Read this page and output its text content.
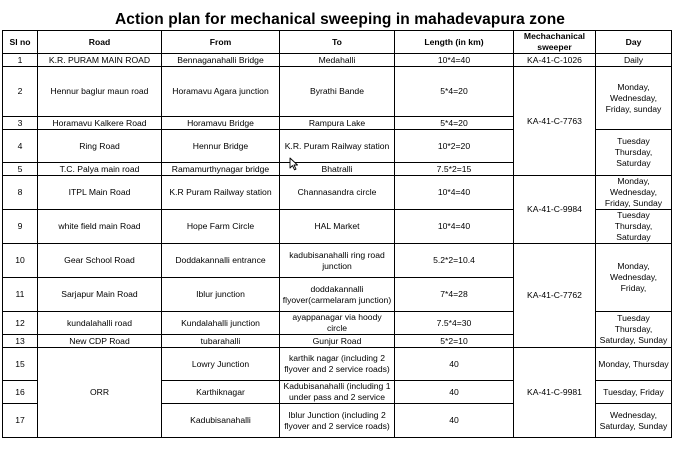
Action plan for mechanical sweeping in mahadevapura zone
Sl no	Road	From	To	Length (in km)	Mechachanical sweeper	Day
1	K.R. PURAM MAIN ROAD	Bennaganahalli Bridge	Medahalli	10*4=40	KA-41-C-1026	Daily
2	Hennur baglur maun road	Horamavu Agara junction	Byrathi Bande	5*4=20	KA-41-C-7763	Monday, Wednesday, Friday, sunday
3	Horamavu Kalkere Road	Horamavu Bridge	Rampura Lake	5*4=20		
4	Ring Road	Hennur Bridge	K.R. Puram Railway station	10*2=20		Tuesday Thursday, Saturday
5	T.C. Palya main road	Ramamurthynagar bridge	Bhatralli	7.5*2=15		
8	ITPL Main Road	K.R Puram Railway station	Channasandra circle	10*4=40	KA-41-C-9984	Monday, Wednesday, Friday, Sunday
9	white field main Road	Hope Farm Circle	HAL Market	10*4=40		Tuesday Thursday, Saturday
10	Gear School Road	Doddakannalli entrance	kadubisanahalli ring road junction	5.2*2=10.4	KA-41-C-7762	Monday, Wednesday, Friday,
11	Sarjapur Main Road	Iblur junction	doddakannalli flyover(carmelaram junction)	7*4=28		
12	kundalahalli road	Kundalahalli junction	ayappanagar via hoody circle	7.5*4=30		Tuesday Thursday, Saturday, Sunday
13	New CDP Road	tubarahalli	Gunjur Road	5*2=10		
15	ORR	Lowry Junction	karthik nagar (including 2 flyover and 2 service roads)	40	KA-41-C-9981	Monday, Thursday
16		Karthiknagar	Kadubisanahalli (including 1 under pass and 2 service	40		Tuesday, Friday
17		Kadubisanahalli	Iblur Junction (including 2 flyover and 2 service roads)	40		Wednesday, Saturday, Sunday
